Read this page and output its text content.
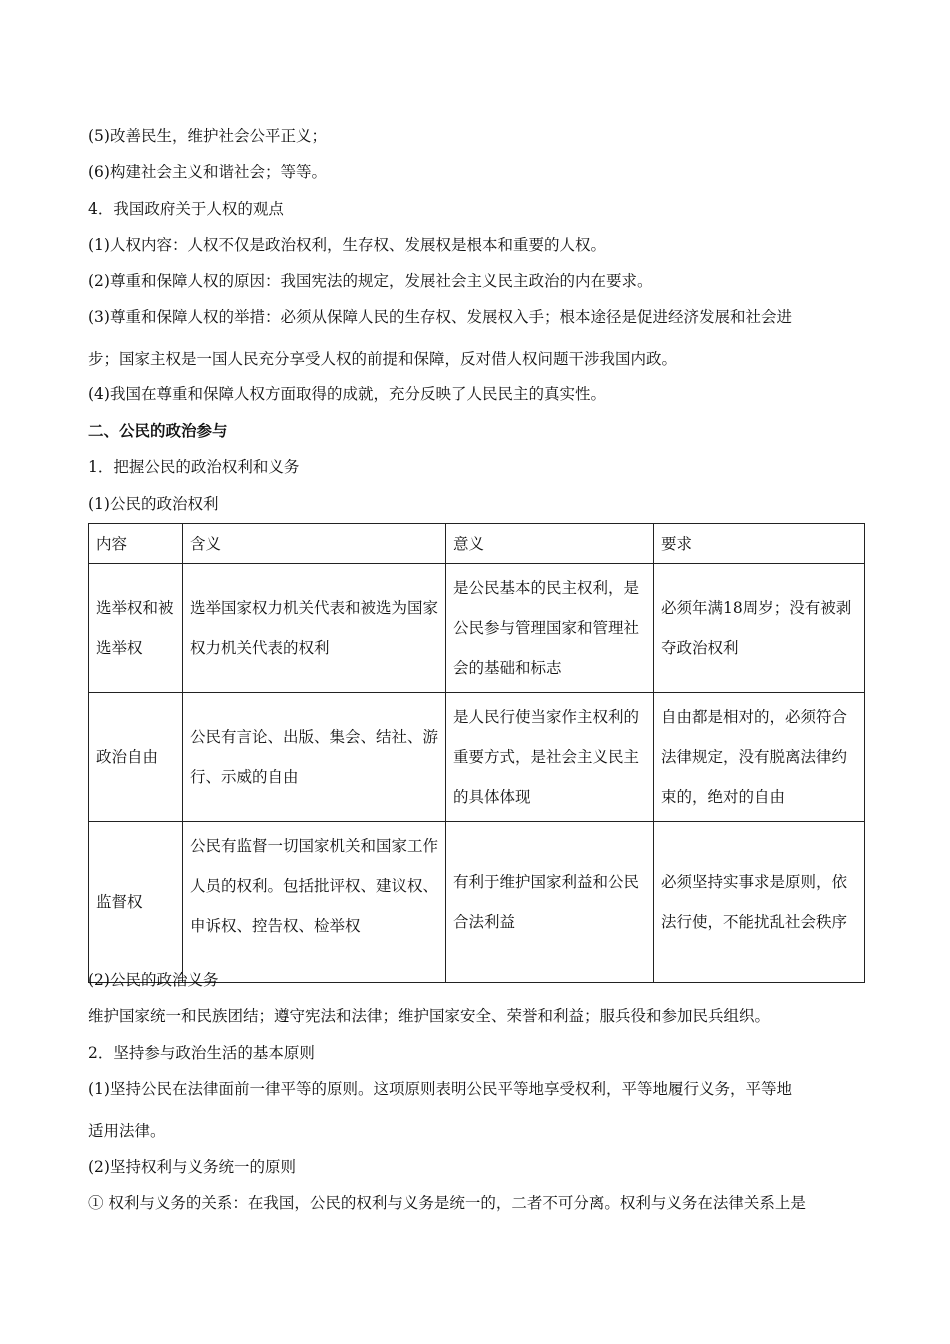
(5)改善民生，维护社会公平正义；
(6)构建社会主义和谐社会；等等。
4．我国政府关于人权的观点
(1)人权内容：人权不仅是政治权利，生存权、发展权是根本和重要的人权。
(2)尊重和保障人权的原因：我国宪法的规定，发展社会主义民主政治的内在要求。
(3)尊重和保障人权的举措：必须从保障人民的生存权、发展权入手；根本途径是促进经济发展和社会进
步；国家主权是一国人民充分享受人权的前提和保障，反对借人权问题干涉我国内政。
(4)我国在尊重和保障人权方面取得的成就，充分反映了人民民主的真实性。
二、公民的政治参与
1．把握公民的政治权利和义务
(1)公民的政治权利
内容	含义	意义	要求
选举权和被选举权	选举国家权力机关代表和被选为国家权力机关代表的权利	是公民基本的民主权利，是公民参与管理国家和管理社会的基础和标志	必须年满18周岁；没有被剥夺政治权利
政治自由	公民有言论、出版、集会、结社、游行、示威的自由	是人民行使当家作主权利的重要方式，是社会主义民主的具体体现	自由都是相对的，必须符合法律规定，没有脱离法律约束的，绝对的自由
监督权	公民有监督一切国家机关和国家工作人员的权利。包括批评权、建议权、申诉权、控告权、检举权	有利于维护国家利益和公民合法利益	必须坚持实事求是原则，依法行使，不能扰乱社会秩序
(2)公民的政治义务
维护国家统一和民族团结；遵守宪法和法律；维护国家安全、荣誉和利益；服兵役和参加民兵组织。
2．坚持参与政治生活的基本原则
(1)坚持公民在法律面前一律平等的原则。这项原则表明公民平等地享受权利，平等地履行义务，平等地
适用法律。
(2)坚持权利与义务统一的原则
① 权利与义务的关系：在我国，公民的权利与义务是统一的，二者不可分离。权利与义务在法律关系上是
